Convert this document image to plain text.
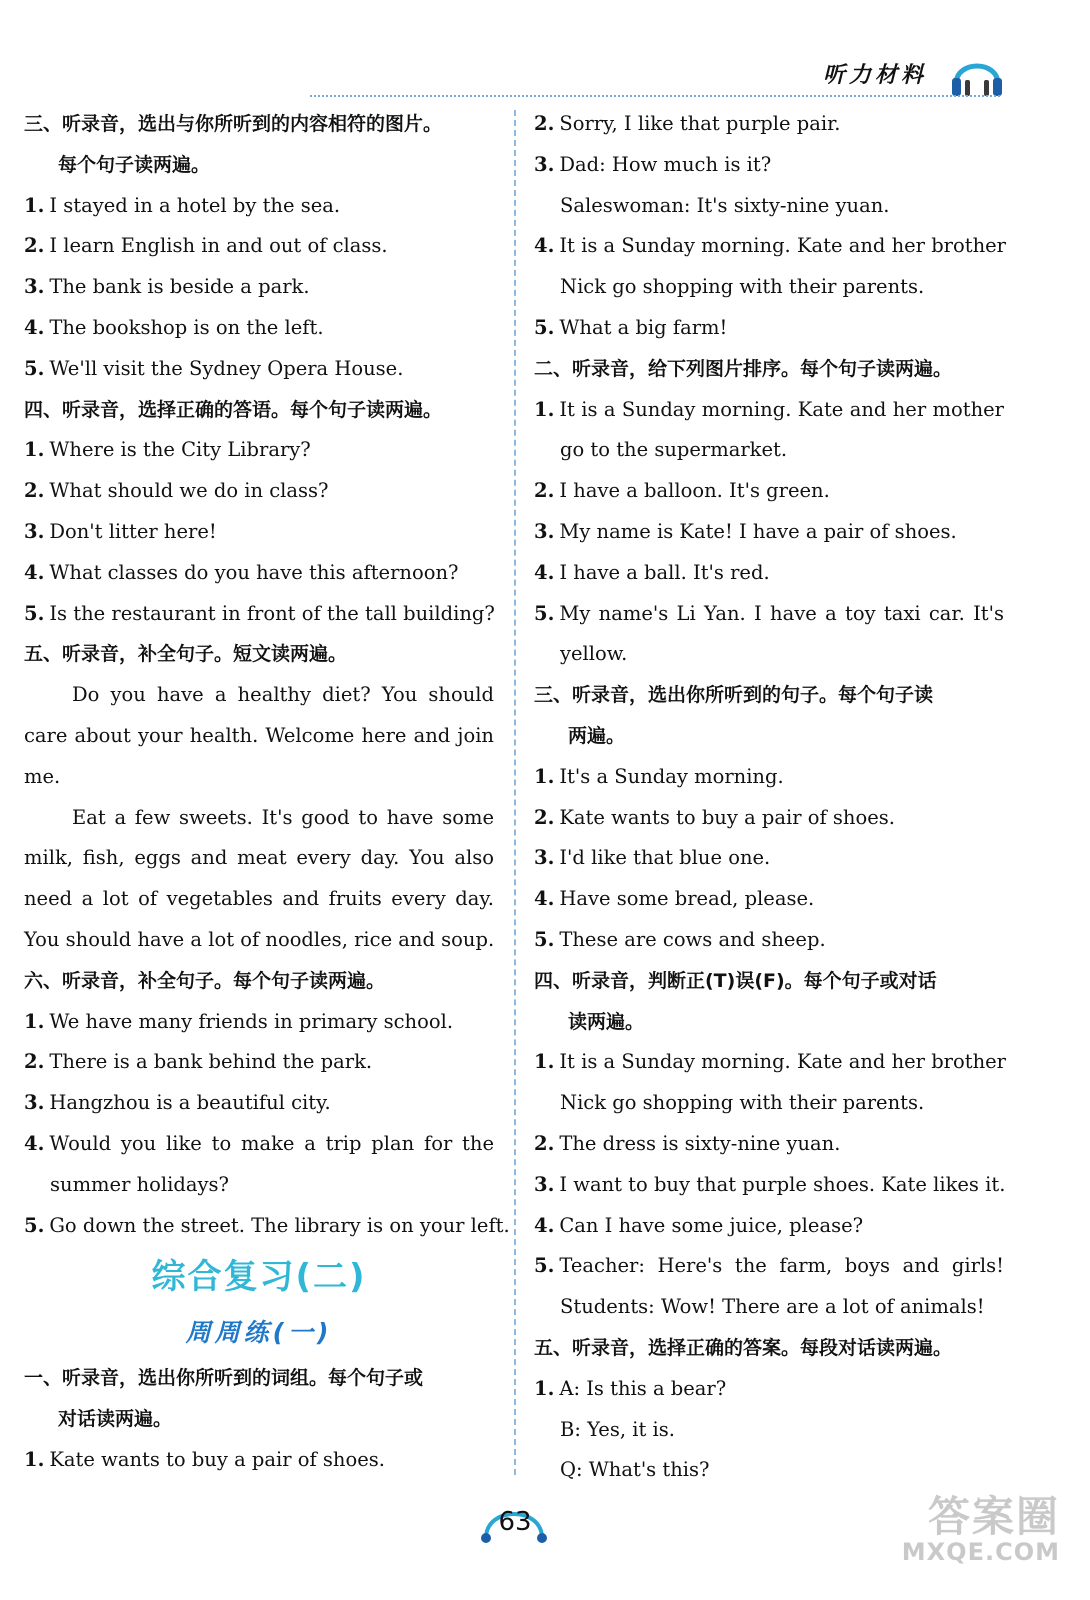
听力材料
三、听录音，选出与你所听到的内容相符的图片。
每个句子读两遍。
1. I stayed in a hotel by the sea.
2. I learn English in and out of class.
3. The bank is beside a park.
4. The bookshop is on the left.
5. We'll visit the Sydney Opera House.
四、听录音，选择正确的答语。每个句子读两遍。
1. Where is the City Library?
2. What should we do in class?
3. Don't litter here!
4. What classes do you have this afternoon?
5. Is the restaurant in front of the tall building?
五、听录音，补全句子。短文读两遍。
Do you have a healthy diet? You should
care about your health. Welcome here and join
me.
Eat a few sweets. It's good to have some
milk, fish, eggs and meat every day. You also
need a lot of vegetables and fruits every day.
You should have a lot of noodles, rice and soup.
六、听录音，补全句子。每个句子读两遍。
1. We have many friends in primary school.
2. There is a bank behind the park.
3. Hangzhou is a beautiful city.
4. Would you like to make a trip plan for the
summer holidays?
5. Go down the street. The library is on your left.
综合复习(二)
周周练(一)
一、听录音，选出你所听到的词组。每个句子或
对话读两遍。
1. Kate wants to buy a pair of shoes.
2. Sorry, I like that purple pair.
3. Dad: How much is it?
Saleswoman: It's sixty-nine yuan.
4. It is a Sunday morning. Kate and her brother
Nick go shopping with their parents.
5. What a big farm!
二、听录音，给下列图片排序。每个句子读两遍。
1. It is a Sunday morning. Kate and her mother
go to the supermarket.
2. I have a balloon. It's green.
3. My name is Kate! I have a pair of shoes.
4. I have a ball. It's red.
5. My name's Li Yan. I have a toy taxi car. It's
yellow.
三、听录音，选出你所听到的句子。每个句子读
两遍。
1. It's a Sunday morning.
2. Kate wants to buy a pair of shoes.
3. I'd like that blue one.
4. Have some bread, please.
5. These are cows and sheep.
四、听录音，判断正(T)误(F)。每个句子或对话
读两遍。
1. It is a Sunday morning. Kate and her brother
Nick go shopping with their parents.
2. The dress is sixty-nine yuan.
3. I want to buy that purple shoes. Kate likes it.
4. Can I have some juice, please?
5. Teacher: Here's the farm, boys and girls!
Students: Wow! There are a lot of animals!
五、听录音，选择正确的答案。每段对话读两遍。
1. A: Is this a bear?
B: Yes, it is.
Q: What's this?
63	答案圈
MXQE.COM
